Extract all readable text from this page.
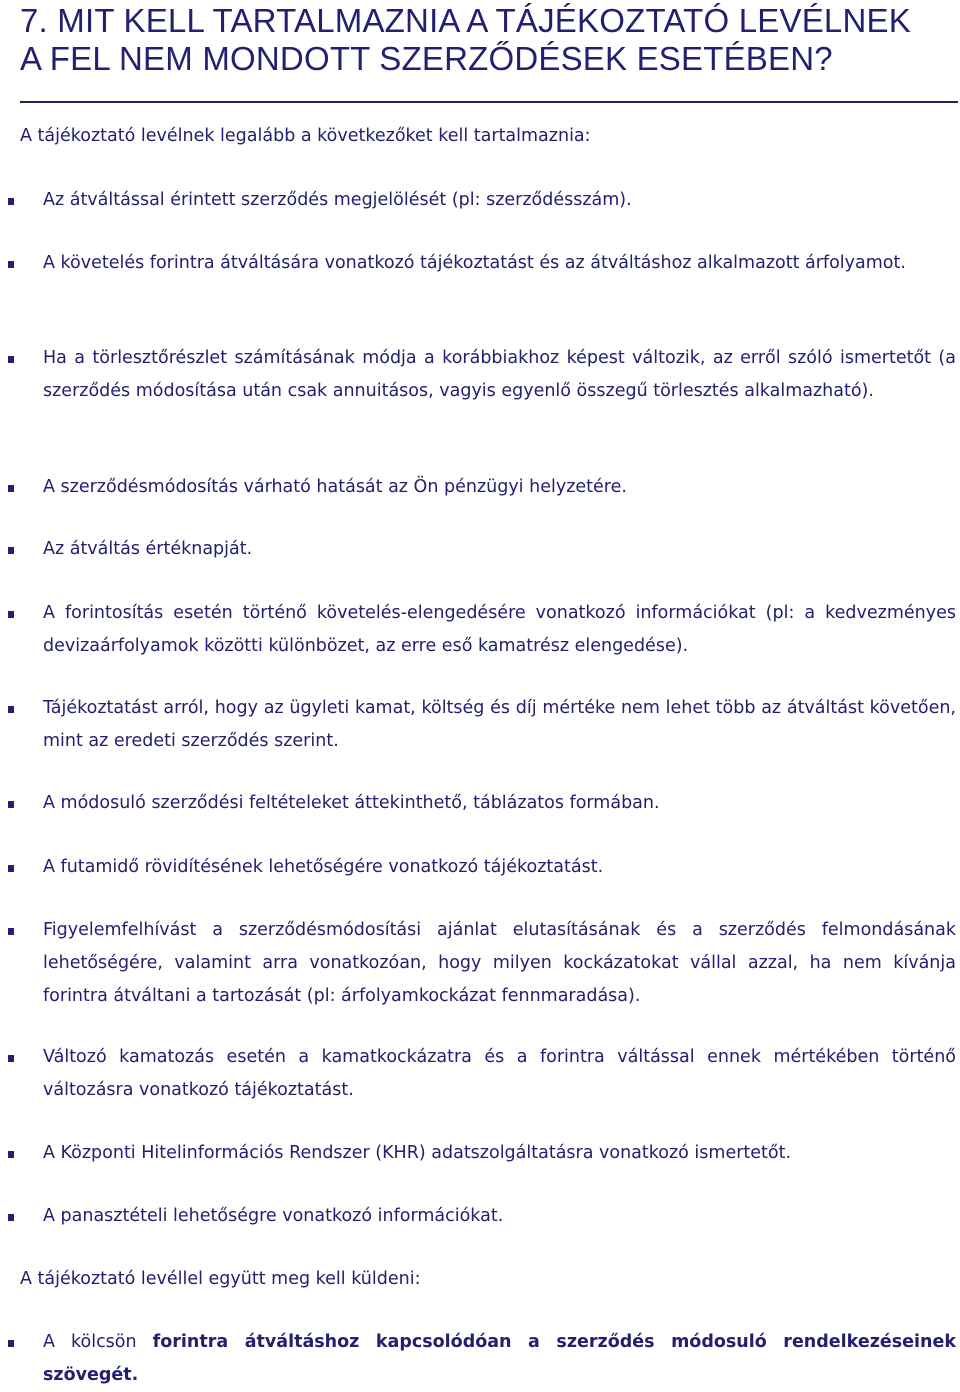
7. MIT KELL TARTALMAZNIA A TÁJÉKOZTATÓ LEVÉLNEK
A FEL NEM MONDOTT SZERZŐDÉSEK ESETÉBEN?
A tájékoztató levélnek legalább a következőket kell tartalmaznia:
Az átváltással érintett szerződés megjelölését (pl: szerződésszám).
A követelés forintra átváltására vonatkozó tájékoztatást és az átváltáshoz alkalmazott árfolyamot.
Ha a törlesztőrészlet számításának módja a korábbiakhoz képest változik, az erről szóló ismertetőt (a szerződés módosítása után csak annuitásos, vagyis egyenlő összegű törlesztés alkalmazható).
A szerződésmódosítás várható hatását az Ön pénzügyi helyzetére.
Az átváltás értéknapját.
A forintosítás esetén történő követelés-elengedésére vonatkozó információkat (pl: a kedvezményes devizaárfolyamok közötti különbözet, az erre eső kamatrész elengedése).
Tájékoztatást arról, hogy az ügyleti kamat, költség és díj mértéke nem lehet több az átváltást követően, mint az eredeti szerződés szerint.
A módosuló szerződési feltételeket áttekinthető, táblázatos formában.
A futamidő rövidítésének lehetőségére vonatkozó tájékoztatást.
Figyelemfelhívást a szerződésmódosítási ajánlat elutasításának és a szerződés felmondásának lehetőségére, valamint arra vonatkozóan, hogy milyen kockázatokat vállal azzal, ha nem kívánja forintra átváltani a tartozását (pl: árfolyamkockázat fennmaradása).
Változó kamatozás esetén a kamatkockázatra és a forintra váltással ennek mértékében történő változásra vonatkozó tájékoztatást.
A Központi Hitelinformációs Rendszer (KHR) adatszolgáltatásra vonatkozó ismertetőt.
A panasztételi lehetőségre vonatkozó információkat.
A tájékoztató levéllel együtt meg kell küldeni:
A kölcsön forintra átváltáshoz kapcsolódóan a szerződés módosuló rendelkezéseinek szövegét.
